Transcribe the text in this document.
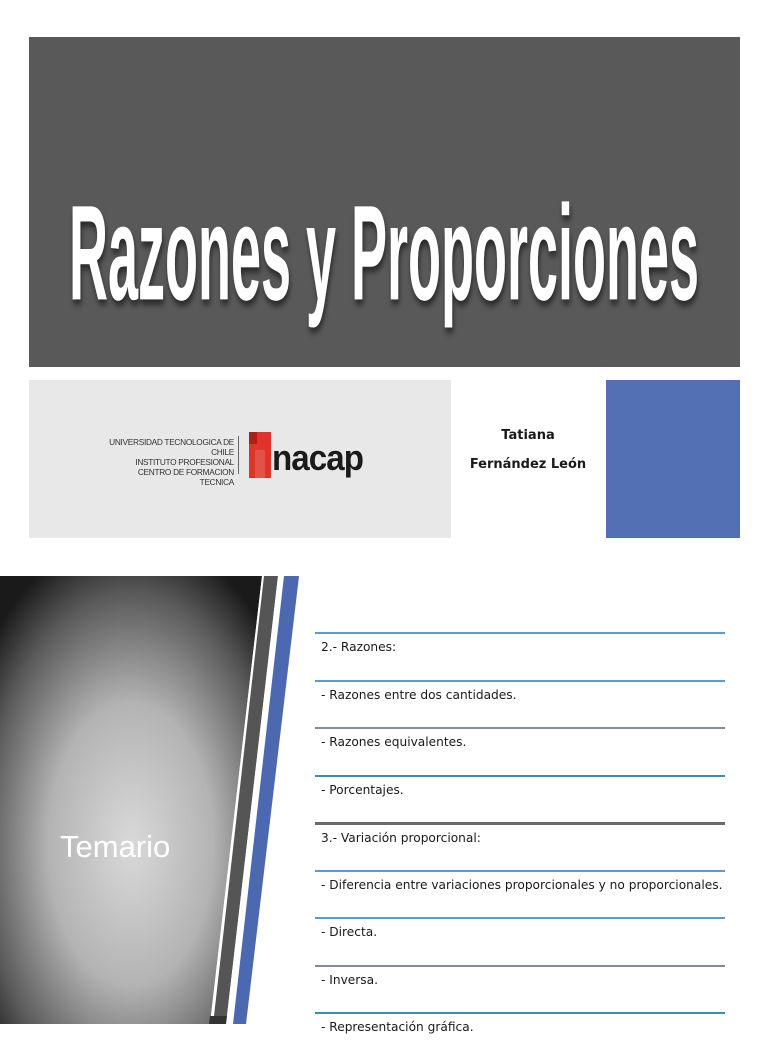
Razones y Proporciones
UNIVERSIDAD TECNOLOGICA DE CHILE
INSTITUTO PROFESIONAL
CENTRO DE FORMACION TECNICA
nacap
Tatiana
Fernández León
Temario
2.- Razones:
- Razones entre dos cantidades.
- Razones equivalentes.
- Porcentajes.
3.- Variación proporcional:
- Diferencia entre variaciones proporcionales y no proporcionales.
- Directa.
- Inversa.
- Representación gráfica.
